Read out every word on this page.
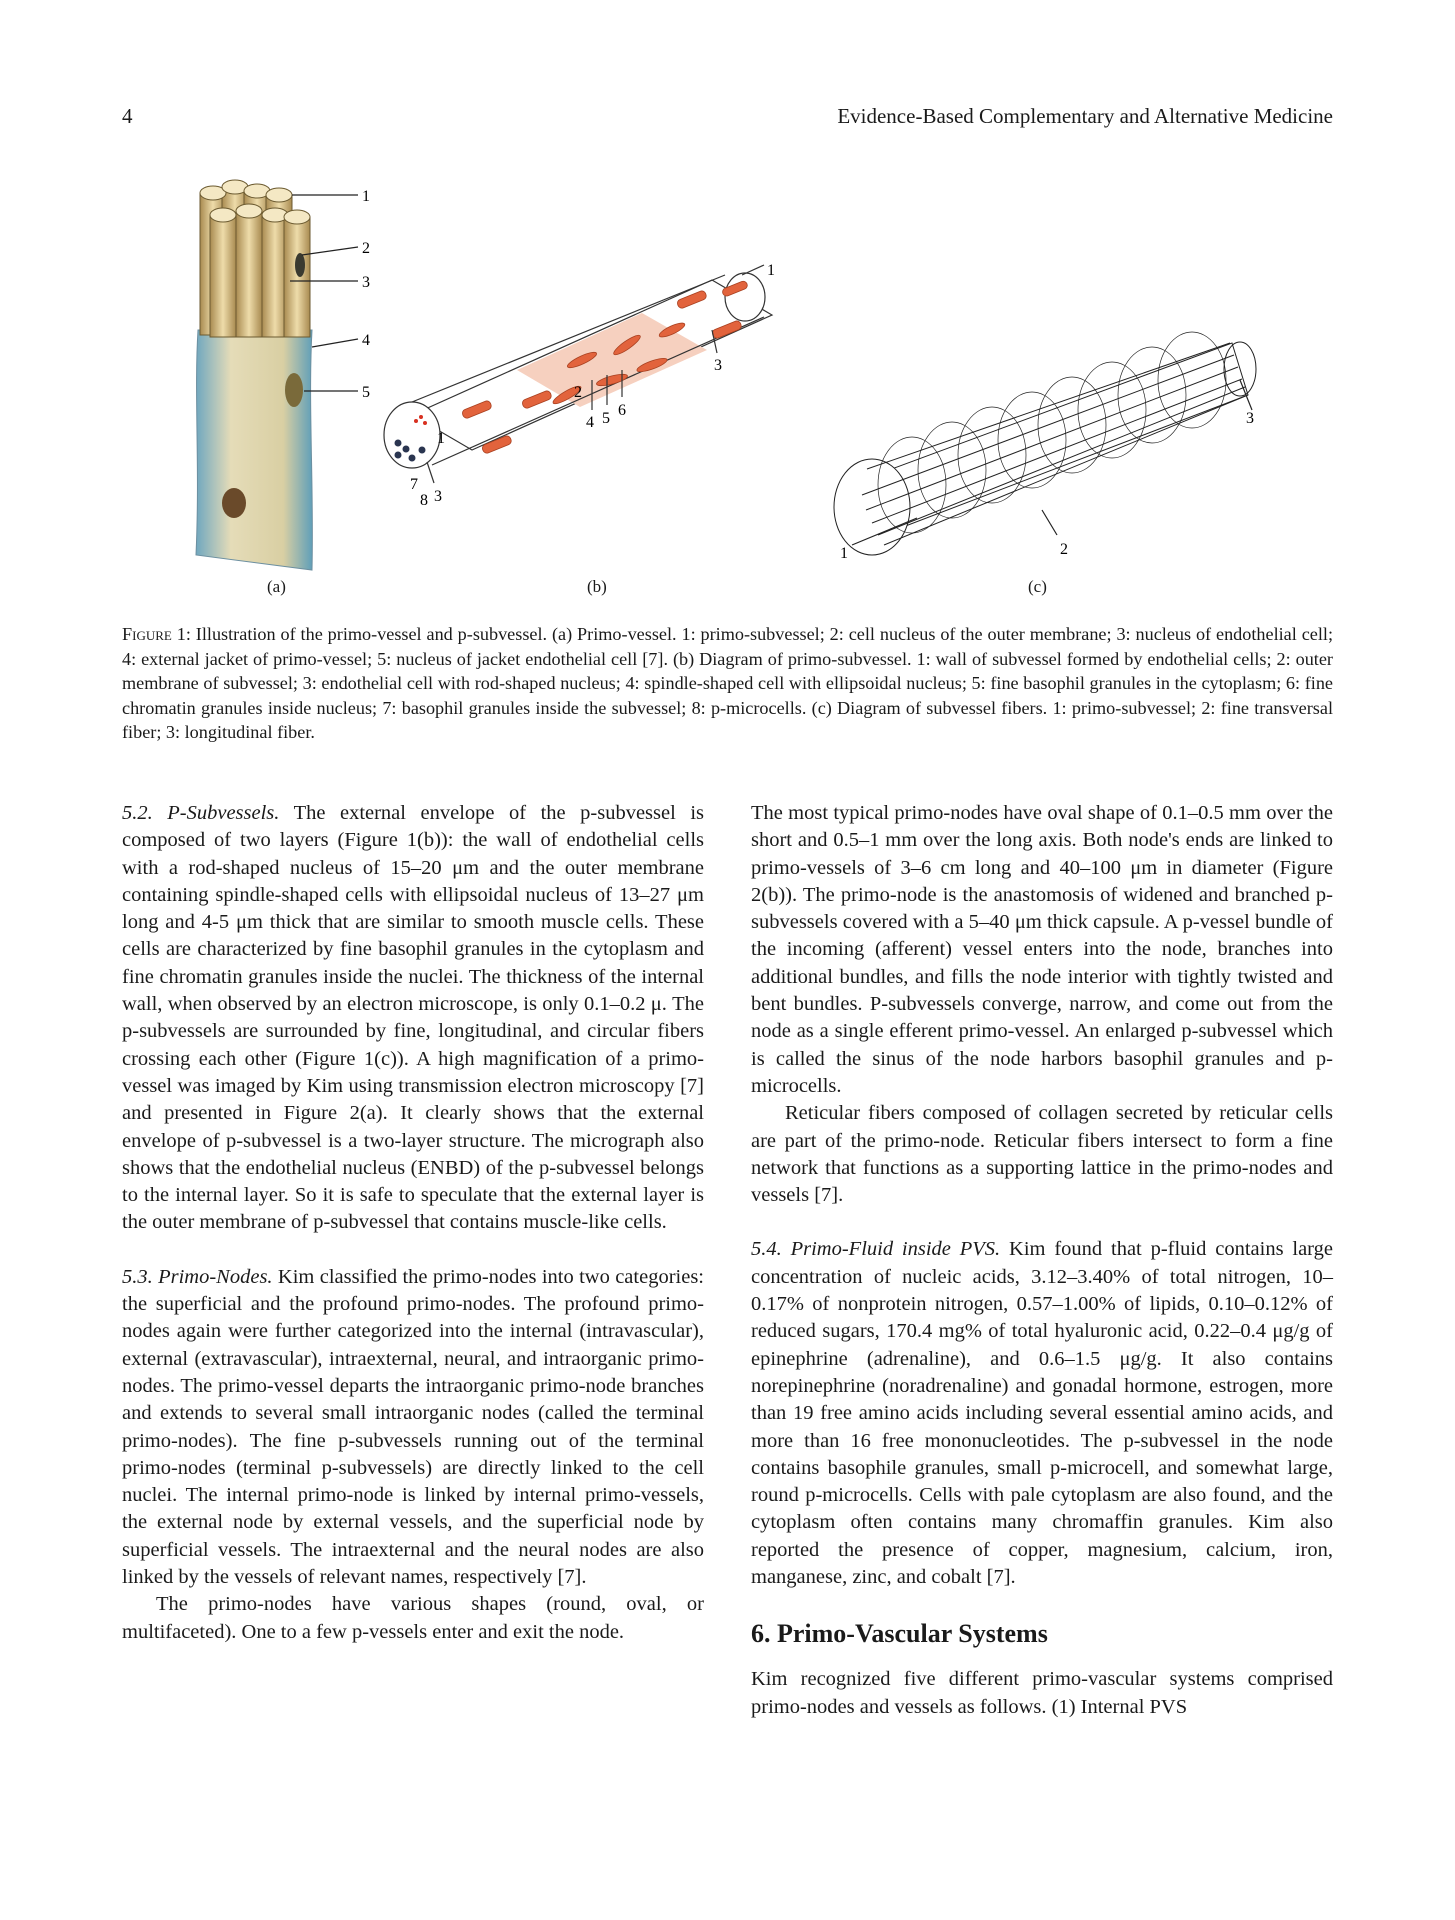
4	Evidence-Based Complementary and Alternative Medicine
1
2
3
4
5
1
2
1
3
4 5 6
7
8 3
1	2
3
(a)	(b)	(c)
Figure 1: Illustration of the primo-vessel and p-subvessel. (a) Primo-vessel. 1: primo-subvessel; 2: cell nucleus of the outer membrane; 3: nucleus of endothelial cell; 4: external jacket of primo-vessel; 5: nucleus of jacket endothelial cell [7]. (b) Diagram of primo-subvessel. 1: wall of subvessel formed by endothelial cells; 2: outer membrane of subvessel; 3: endothelial cell with rod-shaped nucleus; 4: spindle-shaped cell with ellipsoidal nucleus; 5: fine basophil granules in the cytoplasm; 6: fine chromatin granules inside nucleus; 7: basophil granules inside the subvessel; 8: p-microcells. (c) Diagram of subvessel fibers. 1: primo-subvessel; 2: fine transversal fiber; 3: longitudinal fiber.

5.2. P-Subvessels. The external envelope of the p-subvessel is composed of two layers (Figure 1(b)): the wall of endothelial cells with a rod-shaped nucleus of 15–20 μm and the outer membrane containing spindle-shaped cells with ellipsoidal nucleus of 13–27 μm long and 4-5 μm thick that are similar to smooth muscle cells. These cells are characterized by fine basophil granules in the cytoplasm and fine chromatin granules inside the nuclei. The thickness of the internal wall, when observed by an electron microscope, is only 0.1–0.2 μ. The p-subvessels are surrounded by fine, longitudinal, and circular fibers crossing each other (Figure 1(c)). A high magnification of a primo-vessel was imaged by Kim using transmission electron microscopy [7] and presented in Figure 2(a). It clearly shows that the external envelope of p-subvessel is a two-layer structure. The micrograph also shows that the endothelial nucleus (ENBD) of the p-subvessel belongs to the internal layer. So it is safe to speculate that the external layer is the outer membrane of p-subvessel that contains muscle-like cells.

5.3. Primo-Nodes. Kim classified the primo-nodes into two categories: the superficial and the profound primo-nodes. The profound primo-nodes again were further categorized into the internal (intravascular), external (extravascular), intraexternal, neural, and intraorganic primo-nodes. The primo-vessel departs the intraorganic primo-node branches and extends to several small intraorganic nodes (called the terminal primo-nodes). The fine p-subvessels running out of the terminal primo-nodes (terminal p-subvessels) are directly linked to the cell nuclei. The internal primo-node is linked by internal primo-vessels, the external node by external vessels, and the superficial node by superficial vessels. The intraexternal and the neural nodes are also linked by the vessels of relevant names, respectively [7].

The primo-nodes have various shapes (round, oval, or multifaceted). One to a few p-vessels enter and exit the node.

The most typical primo-nodes have oval shape of 0.1–0.5 mm over the short and 0.5–1 mm over the long axis. Both node's ends are linked to primo-vessels of 3–6 cm long and 40–100 μm in diameter (Figure 2(b)). The primo-node is the anastomosis of widened and branched p-subvessels covered with a 5–40 μm thick capsule. A p-vessel bundle of the incoming (afferent) vessel enters into the node, branches into additional bundles, and fills the node interior with tightly twisted and bent bundles. P-subvessels converge, narrow, and come out from the node as a single efferent primo-vessel. An enlarged p-subvessel which is called the sinus of the node harbors basophil granules and p-microcells.

Reticular fibers composed of collagen secreted by reticular cells are part of the primo-node. Reticular fibers intersect to form a fine network that functions as a supporting lattice in the primo-nodes and vessels [7].

5.4. Primo-Fluid inside PVS. Kim found that p-fluid contains large concentration of nucleic acids, 3.12–3.40% of total nitrogen, 10–0.17% of nonprotein nitrogen, 0.57–1.00% of lipids, 0.10–0.12% of reduced sugars, 170.4 mg% of total hyaluronic acid, 0.22–0.4 μg/g of epinephrine (adrenaline), and 0.6–1.5 μg/g. It also contains norepinephrine (noradrenaline) and gonadal hormone, estrogen, more than 19 free amino acids including several essential amino acids, and more than 16 free mononucleotides. The p-subvessel in the node contains basophile granules, small p-microcell, and somewhat large, round p-microcells. Cells with pale cytoplasm are also found, and the cytoplasm often contains many chromaffin granules. Kim also reported the presence of copper, magnesium, calcium, iron, manganese, zinc, and cobalt [7].

6. Primo-Vascular Systems

Kim recognized five different primo-vascular systems comprised primo-nodes and vessels as follows. (1) Internal PVS
